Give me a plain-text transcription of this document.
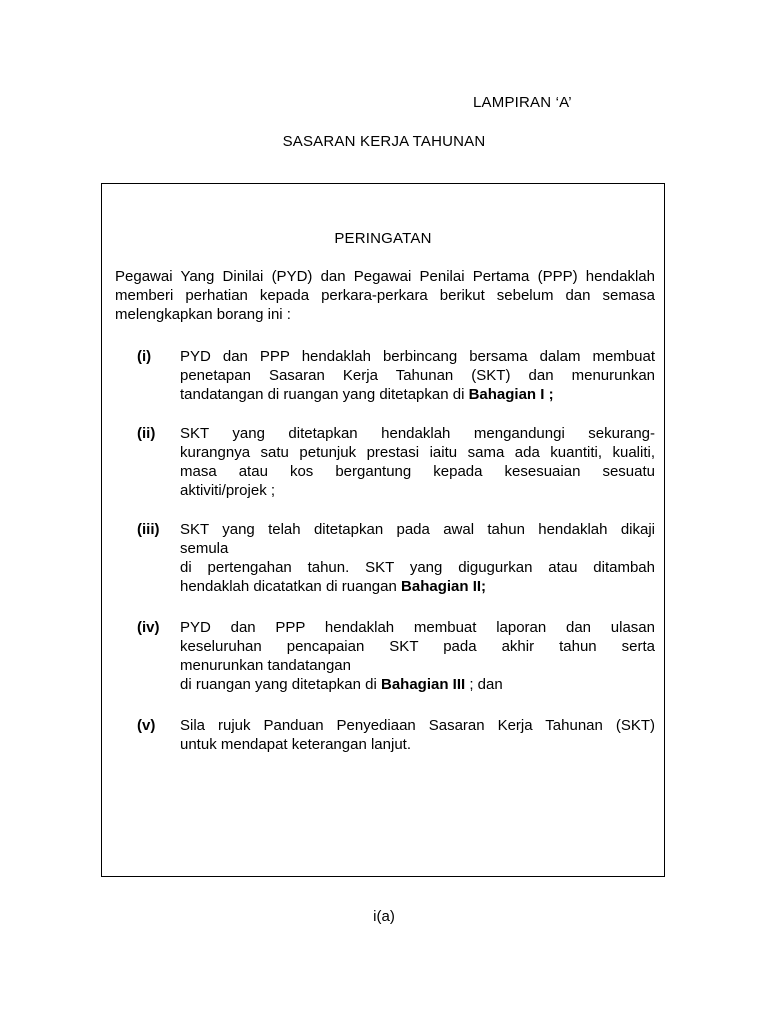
LAMPIRAN ‘A’
SASARAN KERJA TAHUNAN
PERINGATAN

Pegawai Yang Dinilai (PYD) dan Pegawai Penilai Pertama (PPP) hendaklah memberi perhatian kepada perkara-perkara berikut sebelum dan semasa melengkapkan borang ini :

(i) PYD dan PPP hendaklah berbincang bersama dalam membuat
penetapan Sasaran Kerja Tahunan (SKT) dan menurunkan
tandatangan di ruangan yang ditetapkan di Bahagian I ;
(ii) SKT yang ditetapkan hendaklah mengandungi sekurang-
kurangnya satu petunjuk prestasi iaitu sama ada kuantiti, kualiti,
masa atau kos bergantung kepada kesesuaian sesuatu
aktiviti/projek ;
(iii) SKT yang telah ditetapkan pada awal tahun hendaklah dikaji
semula
di pertengahan tahun. SKT yang digugurkan atau ditambah
hendaklah dicatatkan di ruangan Bahagian II;
(iv) PYD dan PPP hendaklah membuat laporan dan ulasan
keseluruhan pencapaian SKT pada akhir tahun serta
menurunkan tandatangan
di ruangan yang ditetapkan di Bahagian III ; dan
(v) Sila rujuk Panduan Penyediaan Sasaran Kerja Tahunan (SKT)
untuk mendapat keterangan lanjut.
i(a)
